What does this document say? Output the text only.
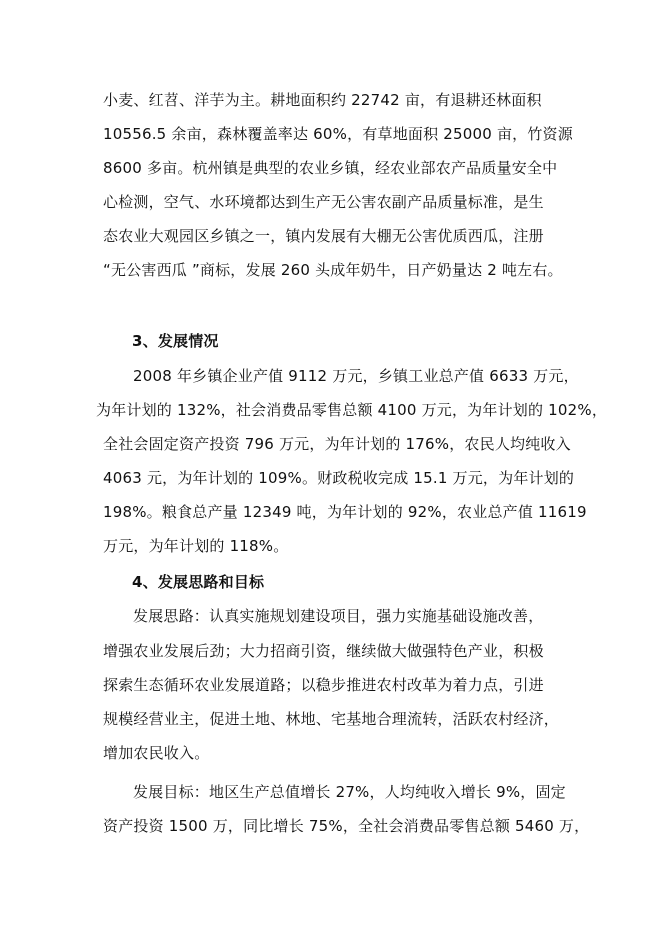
小麦、红苕、洋芋为主。耕地面积约 22742 亩，有退耕还林面积
10556.5 余亩，森林覆盖率达 60%，有草地面积 25000 亩，竹资源
8600 多亩。杭州镇是典型的农业乡镇，经农业部农产品质量安全中
心检测，空气、水环境都达到生产无公害农副产品质量标准，是生
态农业大观园区乡镇之一，镇内发展有大棚无公害优质西瓜，注册
“无公害西瓜 ”商标，发展 260 头成年奶牛，日产奶量达 2 吨左右。
3、发展情况
2008 年乡镇企业产值 9112 万元，乡镇工业总产值 6633 万元，
为年计划的 132%，社会消费品零售总额 4100 万元，为年计划的 102%，
全社会固定资产投资 796 万元，为年计划的 176%，农民人均纯收入
4063 元，为年计划的 109%。财政税收完成 15.1 万元，为年计划的
198%。粮食总产量 12349 吨，为年计划的 92%，农业总产值 11619
万元，为年计划的 118%。
4、发展思路和目标
发展思路：认真实施规划建设项目，强力实施基础设施改善，
增强农业发展后劲；大力招商引资，继续做大做强特色产业，积极
探索生态循环农业发展道路；以稳步推进农村改革为着力点，引进
规模经营业主，促进土地、林地、宅基地合理流转，活跃农村经济，
增加农民收入。
发展目标：地区生产总值增长 27%，人均纯收入增长 9%，固定
资产投资 1500 万，同比增长 75%，全社会消费品零售总额 5460 万，
